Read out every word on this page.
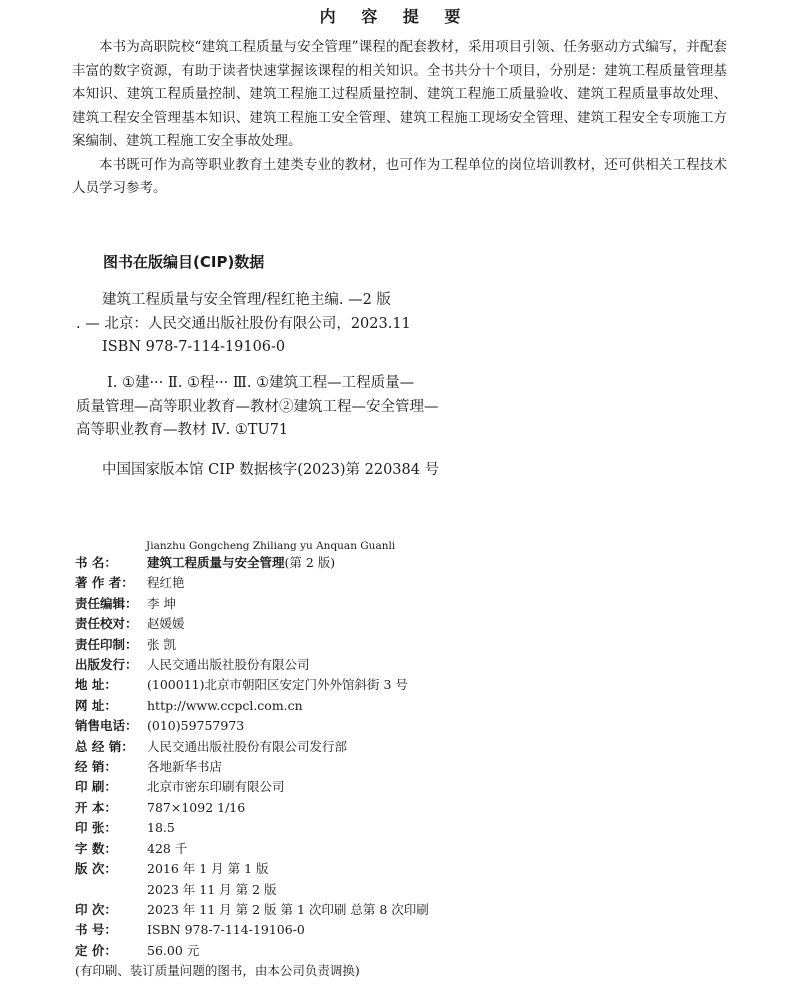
内 容 提 要

本书为高职院校“建筑工程质量与安全管理”课程的配套教材，采用项目引领、任务驱动方式编写，并配套丰富的数字资源，有助于读者快速掌握该课程的相关知识。全书共分十个项目，分别是：建筑工程质量管理基本知识、建筑工程质量控制、建筑工程施工过程质量控制、建筑工程施工质量验收、建筑工程质量事故处理、建筑工程安全管理基本知识、建筑工程施工安全管理、建筑工程施工现场安全管理、建筑工程安全专项施工方案编制、建筑工程施工安全事故处理。

本书既可作为高等职业教育土建类专业的教材，也可作为工程单位的岗位培训教材，还可供相关工程技术人员学习参考。

图书在版编目(CIP)数据
建筑工程质量与安全管理/程红艳主编. —2 版
. — 北京：人民交通出版社股份有限公司，2023.11
ISBN 978-7-114-19106-0
Ⅰ. ①建··· Ⅱ. ①程··· Ⅲ. ①建筑工程—工程质量—
质量管理—高等职业教育—教材②建筑工程—安全管理—
高等职业教育—教材 Ⅳ. ①TU71
中国国家版本馆 CIP 数据核字(2023)第 220384 号
Jianzhu Gongcheng Zhiliang yu Anquan Guanli
书 名：	建筑工程质量与安全管理(第 2 版)
著 作 者：	程红艳
责任编辑： 李 坤
责任校对： 赵媛媛
责任印制： 张 凯
出版发行： 人民交通出版社股份有限公司
地 址：	(100011)北京市朝阳区安定门外外馆斜街 3 号
网 址：	http://www.ccpcl.com.cn
销售电话： (010)59757973
总 经 销：	人民交通出版社股份有限公司发行部
经 销：	各地新华书店
印 刷：	北京市密东印刷有限公司
开 本：	787×1092 1/16
印 张：	18.5
字 数：	428 千
版 次：	2016 年 1 月 第 1 版
2023 年 11 月 第 2 版
印 次：	2023 年 11 月 第 2 版 第 1 次印刷 总第 8 次印刷
书 号：	ISBN 978-7-114-19106-0
定 价：	56.00 元
(有印刷、装订质量问题的图书，由本公司负责调换)
